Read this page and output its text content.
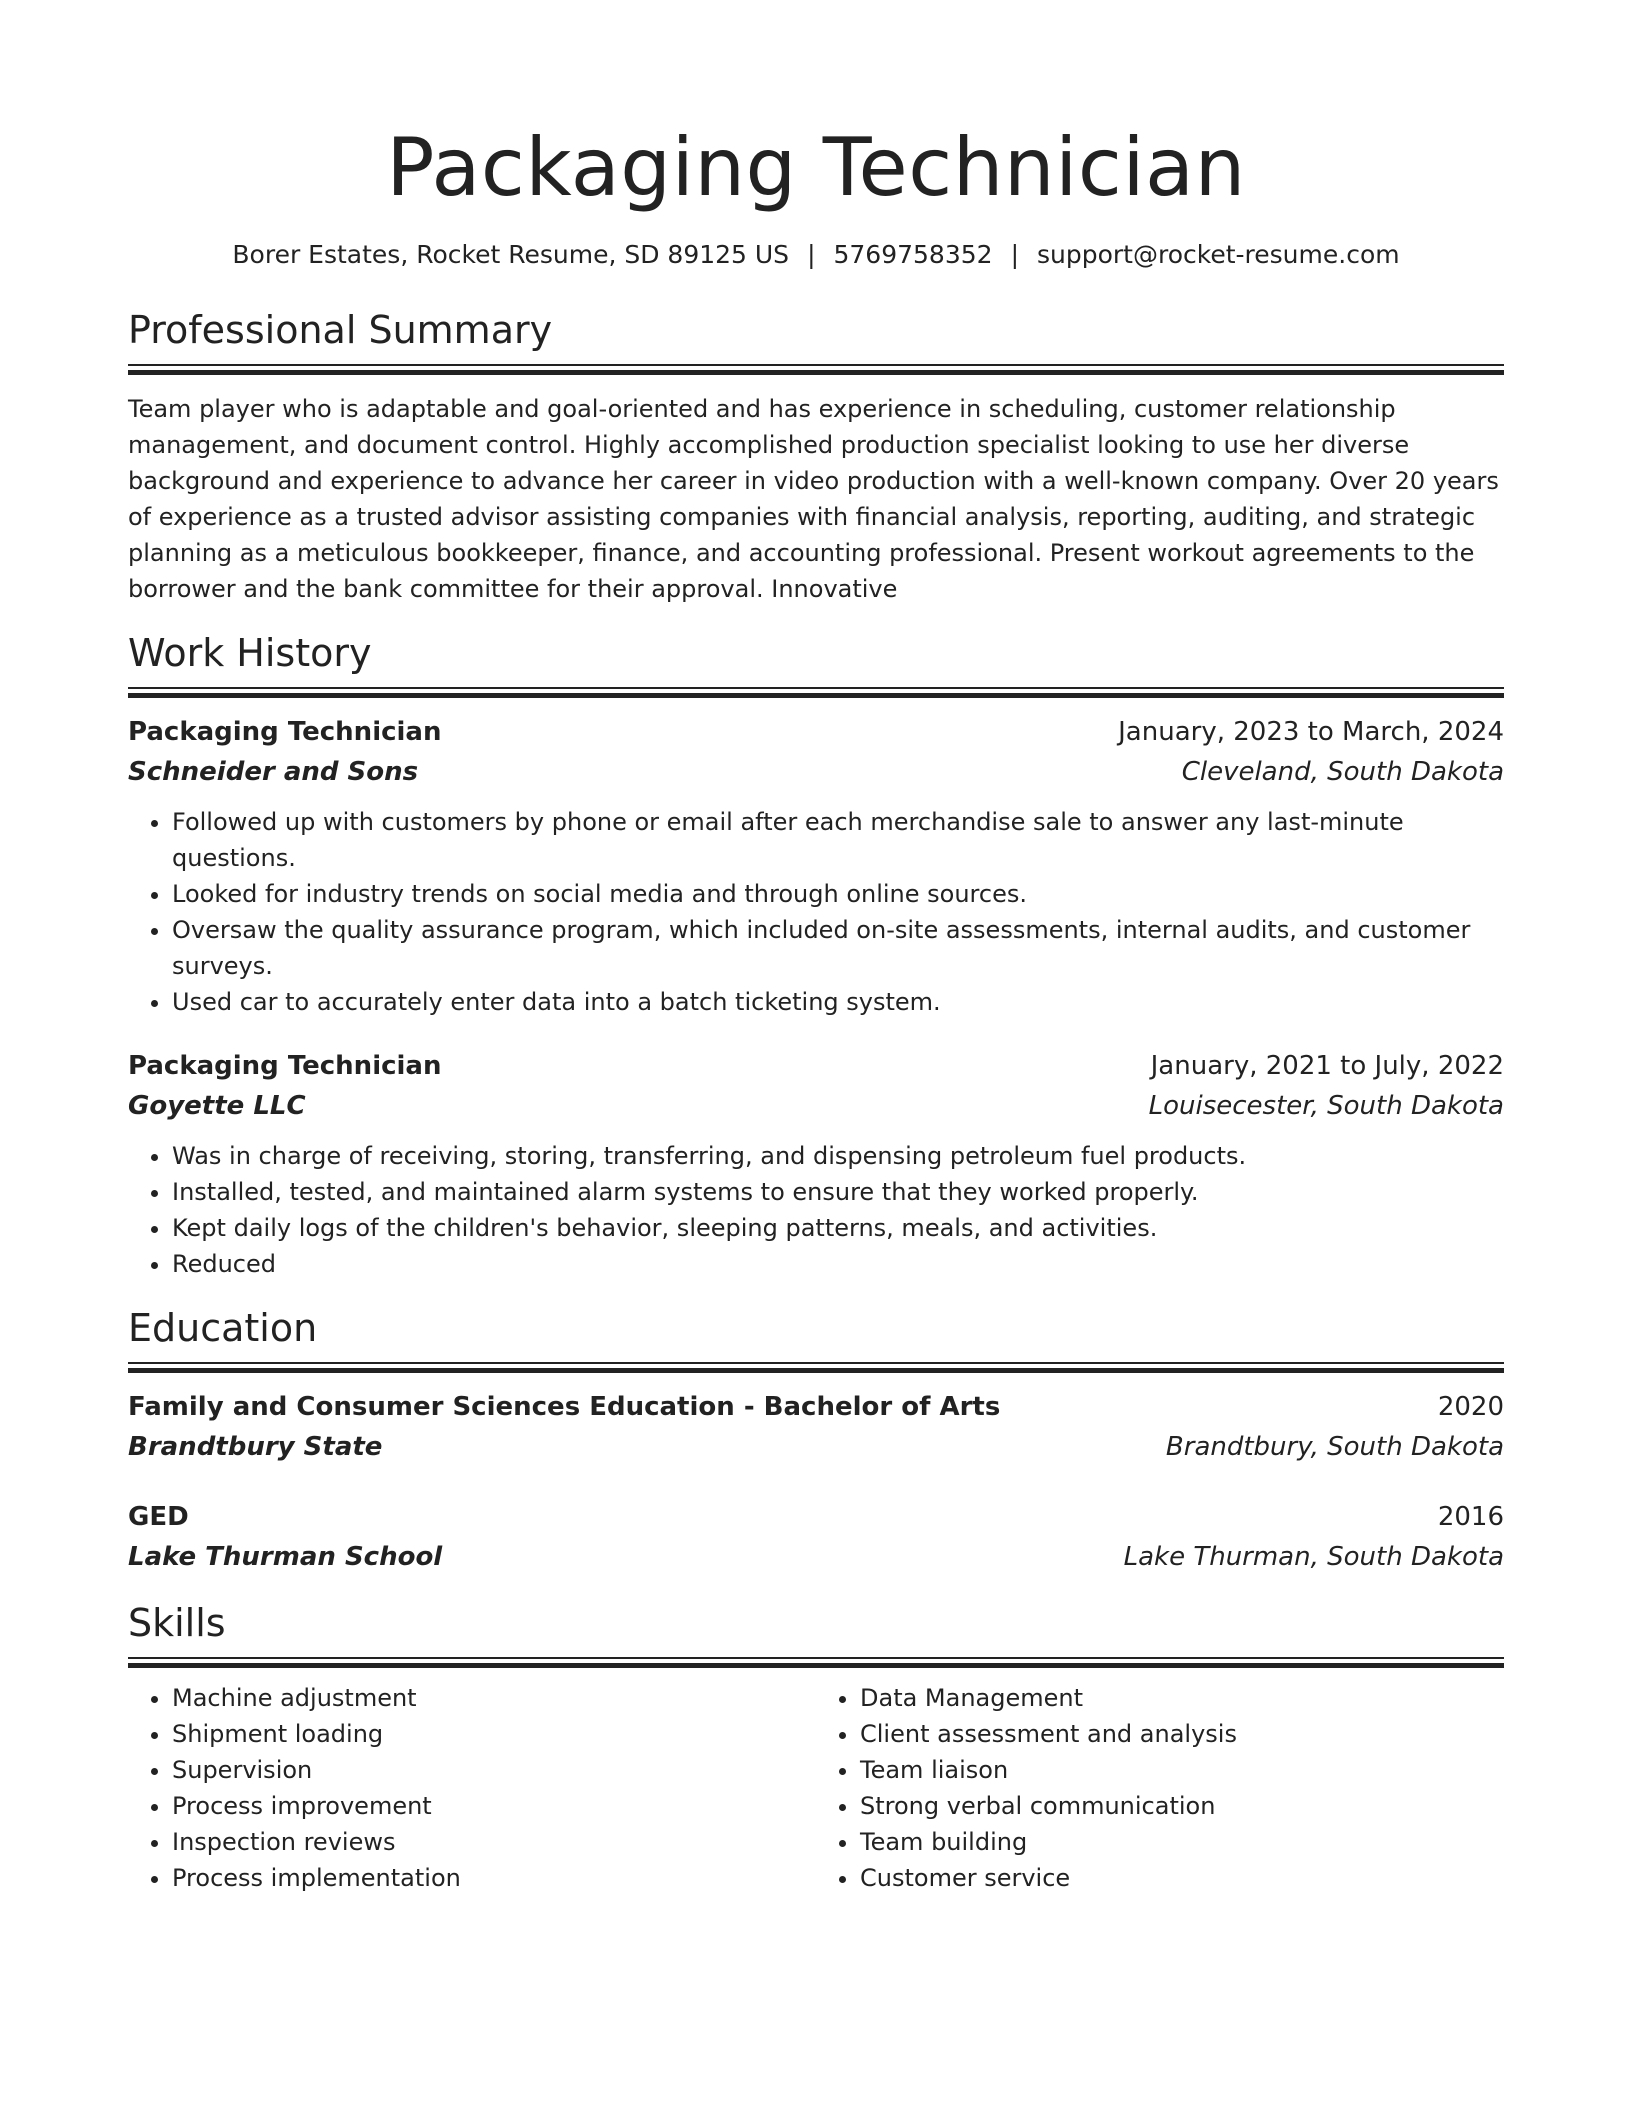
Packaging Technician
Borer Estates, Rocket Resume, SD 89125 US | 5769758352 | support@rocket-resume.com
Professional Summary
Team player who is adaptable and goal-oriented and has experience in scheduling, customer relationship management, and document control. Highly accomplished production specialist looking to use her diverse background and experience to advance her career in video production with a well-known company. Over 20 years of experience as a trusted advisor assisting companies with financial analysis, reporting, auditing, and strategic planning as a meticulous bookkeeper, finance, and accounting professional. Present workout agreements to the borrower and the bank committee for their approval. Innovative
Work History
Packaging Technician	January, 2023 to March, 2024
Schneider and Sons	Cleveland, South Dakota
• Followed up with customers by phone or email after each merchandise sale to answer any last-minute questions.
• Looked for industry trends on social media and through online sources.
• Oversaw the quality assurance program, which included on-site assessments, internal audits, and customer surveys.
• Used car to accurately enter data into a batch ticketing system.
Packaging Technician	January, 2021 to July, 2022
Goyette LLC	Louisecester, South Dakota
• Was in charge of receiving, storing, transferring, and dispensing petroleum fuel products.
• Installed, tested, and maintained alarm systems to ensure that they worked properly.
• Kept daily logs of the children's behavior, sleeping patterns, meals, and activities.
• Reduced
Education
Family and Consumer Sciences Education - Bachelor of Arts	2020
Brandtbury State	Brandtbury, South Dakota
GED	2016
Lake Thurman School	Lake Thurman, South Dakota
Skills
• Machine adjustment
• Shipment loading
• Supervision
• Process improvement
• Inspection reviews
• Process implementation
• Data Management
• Client assessment and analysis
• Team liaison
• Strong verbal communication
• Team building
• Customer service
